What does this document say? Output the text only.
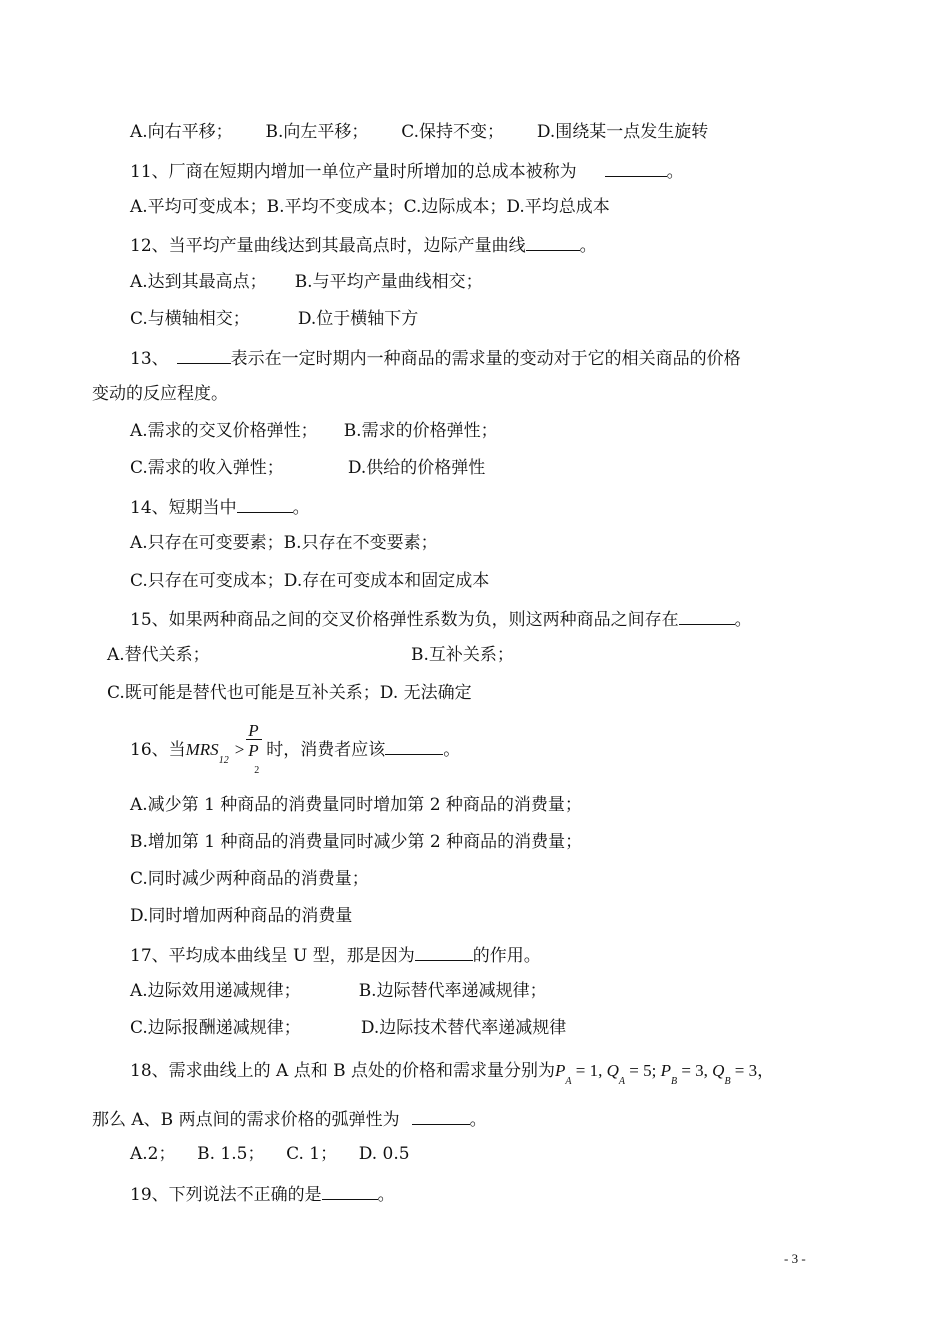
A.向右平移； B.向左平移； C.保持不变； D.围绕某一点发生旋转
11、厂商在短期内增加一单位产量时所增加的总成本被称为	。
A.平均可变成本；B.平均不变成本；C.边际成本；D.平均总成本
12、当平均产量曲线达到其最高点时，边际产量曲线	。
A.达到其最高点； B.与平均产量曲线相交；
C.与横轴相交；	D.位于横轴下方
13、	表示在一定时期内一种商品的需求量的变动对于它的相关商品的价格
变动的反应程度。
A.需求的交叉价格弹性； B.需求的价格弹性；
C.需求的收入弹性；	D.供给的价格弹性
14、短期当中	。
A.只存在可变要素；B.只存在不变要素；
C.只存在可变成本；D.存在可变成本和固定成本
15、如果两种商品之间的交叉价格弹性系数为负，则这两种商品之间存在	。
A.替代关系；	B.互补关系；
C.既可能是替代也可能是互补关系；D. 无法确定
16、当$MRS_{12}>$
P
P
2
时，消费者应该	。
A.减少第 1 种商品的消费量同时增加第 2 种商品的消费量；
B.增加第 1 种商品的消费量同时减少第 2 种商品的消费量；
C.同时减少两种商品的消费量；
D.同时增加两种商品的消费量
17、平均成本曲线呈 U 型，那是因为	的作用。
A.边际效用递减规律；	B.边际替代率递减规律；
C.边际报酬递减规律；	D.边际技术替代率递减规律
18、需求曲线上的 A 点和 B 点处的价格和需求量分别为$P_A = 1$, $Q_A = 5$; $P_B = 3$, $Q_B = 3$，
那么 A、B 两点间的需求价格的弧弹性为	。
A.2；    B. 1.5；    C. 1；    D. 0.5
19、下列说法不正确的是	。
- 3 -
